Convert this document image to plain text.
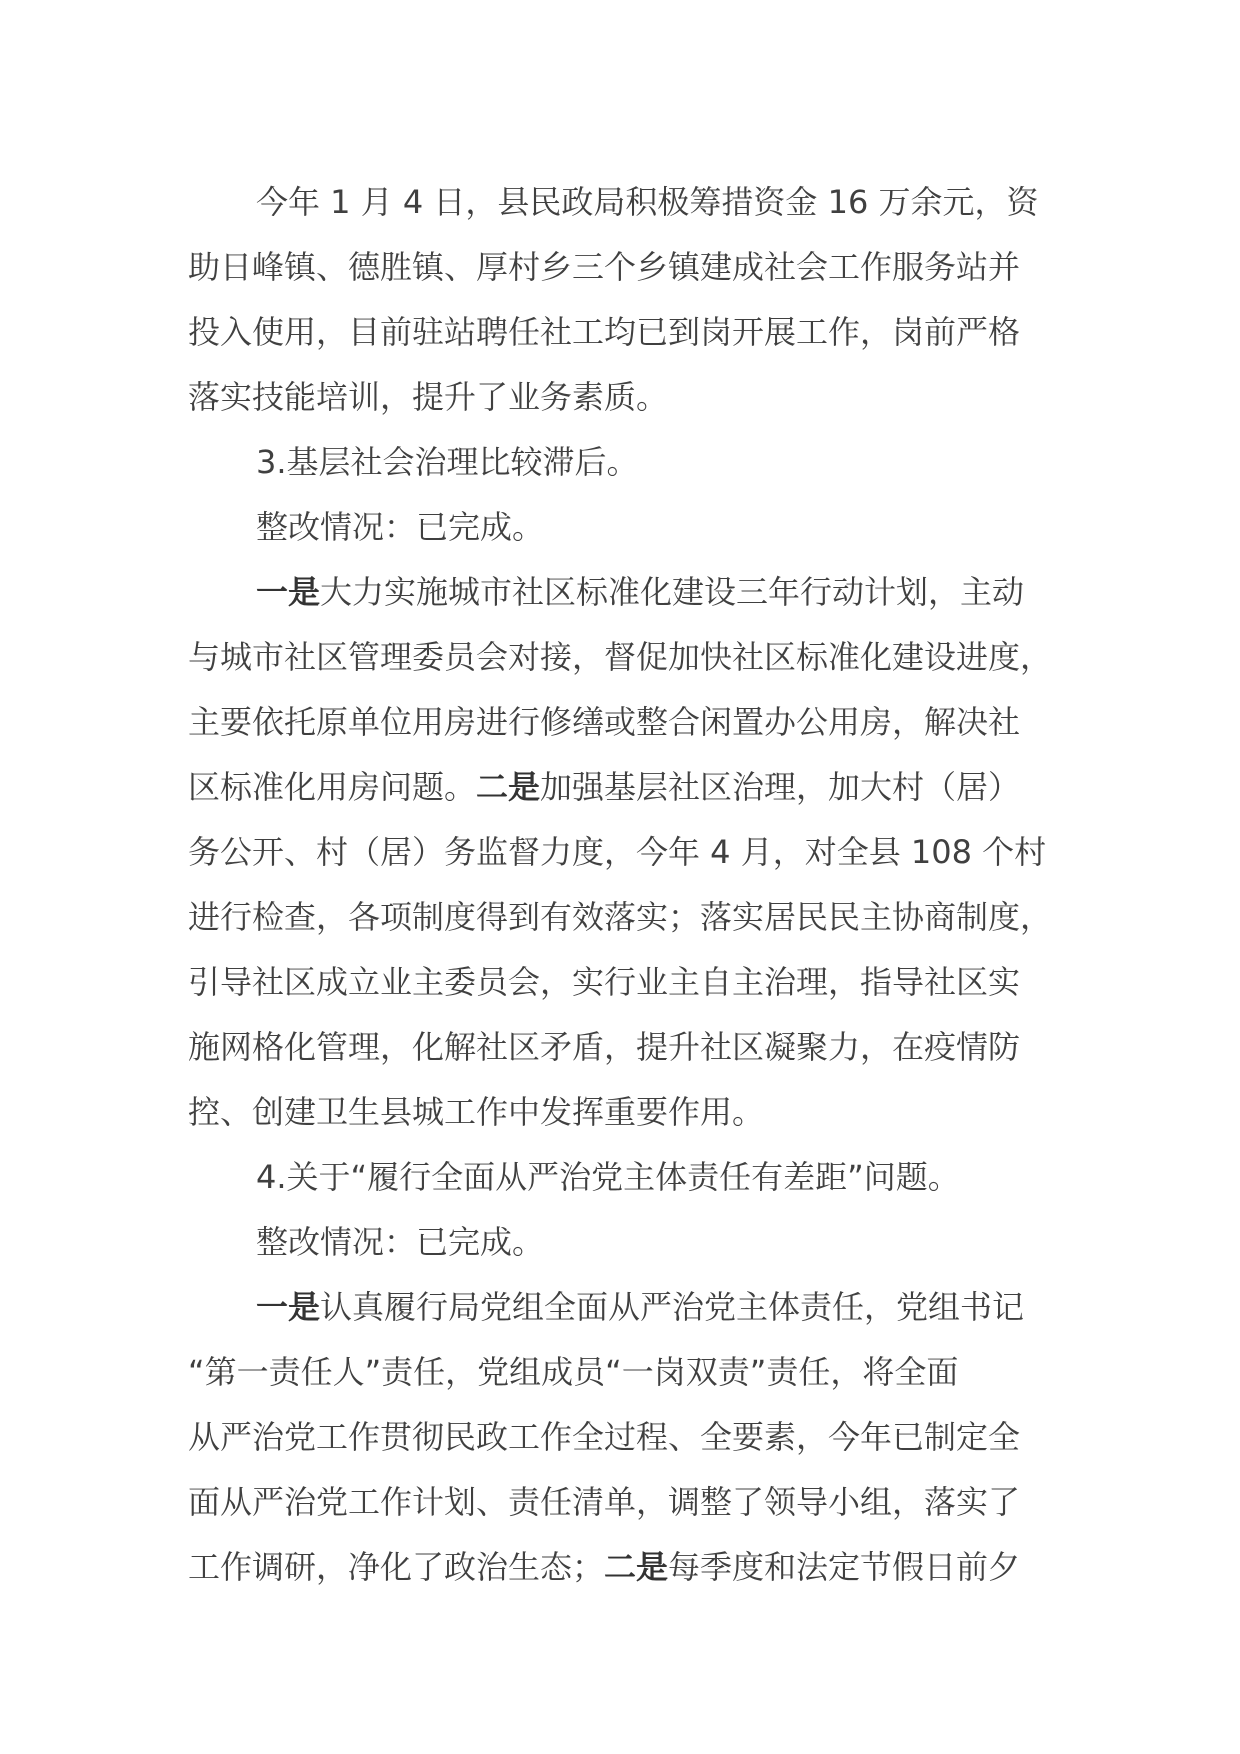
今年 1 月 4 日，县民政局积极筹措资金 16 万余元，资
助日峰镇、德胜镇、厚村乡三个乡镇建成社会工作服务站并
投入使用，目前驻站聘任社工均已到岗开展工作，岗前严格
落实技能培训，提升了业务素质。
3.基层社会治理比较滞后。
整改情况：已完成。
一是大力实施城市社区标准化建设三年行动计划，主动
与城市社区管理委员会对接，督促加快社区标准化建设进度，
主要依托原单位用房进行修缮或整合闲置办公用房，解决社
区标准化用房问题。二是加强基层社区治理，加大村（居）
务公开、村（居）务监督力度，今年 4 月，对全县 108 个村
进行检查，各项制度得到有效落实；落实居民民主协商制度，
引导社区成立业主委员会，实行业主自主治理，指导社区实
施网格化管理，化解社区矛盾，提升社区凝聚力，在疫情防
控、创建卫生县城工作中发挥重要作用。
4.关于“履行全面从严治党主体责任有差距”问题。
整改情况：已完成。
一是认真履行局党组全面从严治党主体责任，党组书记
“第一责任人”责任，党组成员“一岗双责”责任，将全面
从严治党工作贯彻民政工作全过程、全要素，今年已制定全
面从严治党工作计划、责任清单，调整了领导小组，落实了
工作调研，净化了政治生态；二是每季度和法定节假日前夕
